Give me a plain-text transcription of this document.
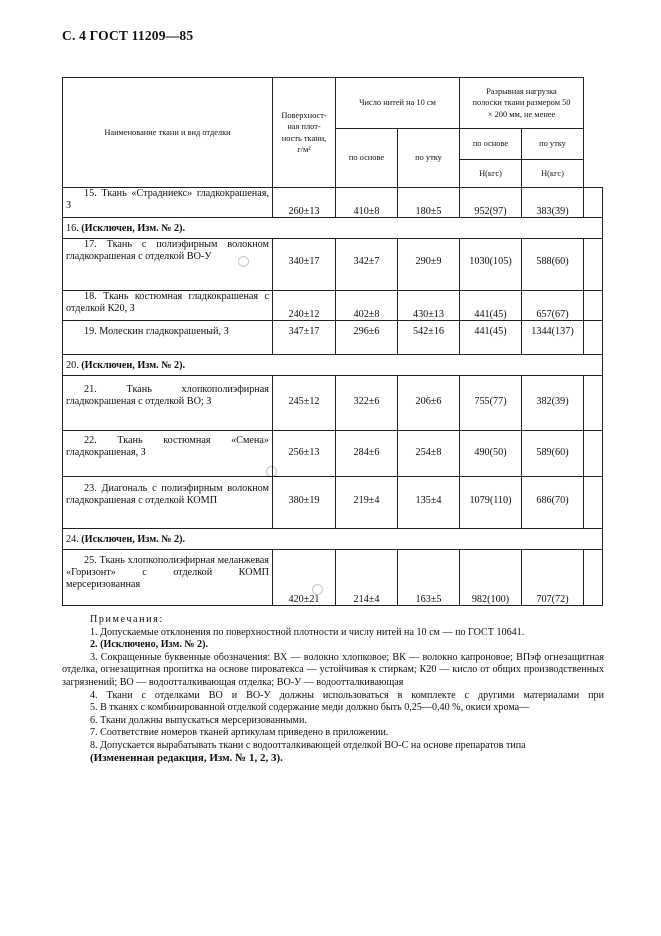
С. 4 ГОСТ 11209—85
Наименование ткани и вид отделки	Поверхност-
ная плот-
ность ткани,
г/м²	Число нитей на 10 см		Разрывная нагрузка
полоски ткани размером 50
× 200 мм, не менее		
		по основе	по утку	по основе	по утку	
				Н(кгс)	Н(кгс)	
15. Ткань «Страдниекс» гладкокрашеная, З	260±13	410±8	180±5	952(97)	383(39)	
16. (Исключен, Изм. № 2).						
17. Ткань с полиэфирным волокном гладкокрашеная с отделкой ВО-У	340±17	342±7	290±9	1030(105)	588(60)	
18. Ткань костюмная гладкокрашеная с отделкой К20, З	240±12	402±8	430±13	441(45)	657(67)	
19. Молескин гладкокрашеный, З	347±17	296±6	542±16	441(45)	1344(137)	
20. (Исключен, Изм. № 2).						
21. Ткань хлопкополиэфирная гладкокрашеная с отделкой ВО; З	245±12	322±6	206±6	755(77)	382(39)	
22. Ткань костюмная «Смена» гладкокрашеная, З	256±13	284±6	254±8	490(50)	589(60)	
23. Диагональ с полиэфирным волокном гладкокрашеная с отделкой КОМП	380±19	219±4	135±4	1079(110)	686(70)	
24. (Исключен, Изм. № 2).						
25. Ткань хлопкополиэфирная меланжевая «Горизонт» с отделкой КОМП мерсеризованная	420±21	214±4	163±5	982(100)	707(72)	
Примечания:

1. Допускаемые отклонения по поверхностной плотности и числу нитей на 10 см — по ГОСТ 10641.

2. (Исключено, Изм. № 2).

3. Сокращенные буквенные обозначения: ВХ — волокно хлопковое; ВК — волокно капроновое; ВПэф огнезащитная отделка, огнезащитная пропитка на основе пироватекса — устойчивая к стиркам; К20 — кисло от общих производственных загрязнений; ВО — водоотталкивающая отделка; ВО-У — водоотталкивающая

4. Ткани с отделками ВО и ВО-У должны использоваться в комплекте с другими материалами при

5. В тканях с комбинированной отделкой содержание меди должно быть 0,25—0,40 %, окиси хрома—

6. Ткани должны выпускаться мерсеризованными.

7. Соответствие номеров тканей артикулам приведено в приложении.

8. Допускается вырабатывать ткани с водоотталкивающей отделкой ВО-С на основе препаратов типа

(Измененная редакция, Изм. № 1, 2, 3).
